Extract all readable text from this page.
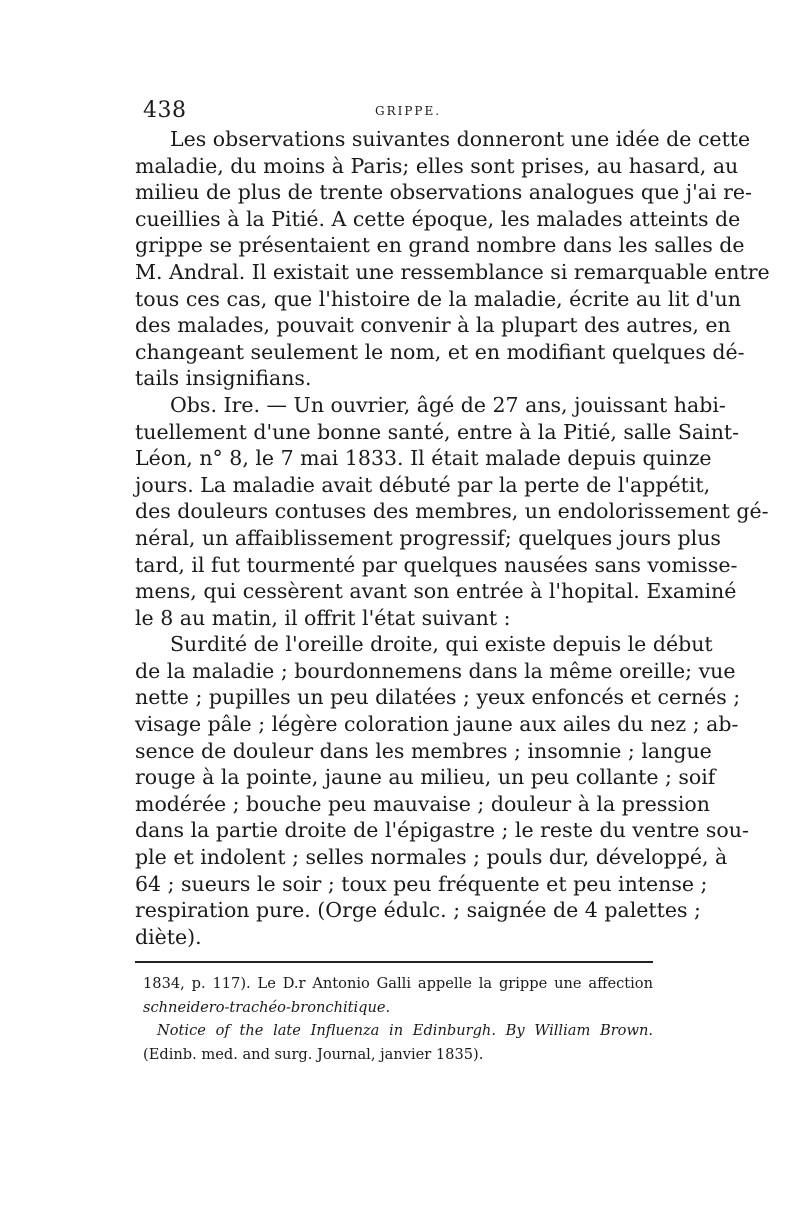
438	GRIPPE.
Les observations suivantes donneront une idée de cette
maladie, du moins à Paris; elles sont prises, au hasard, au
milieu de plus de trente observations analogues que j'ai re-
cueillies à la Pitié. A cette époque, les malades atteints de
grippe se présentaient en grand nombre dans les salles de
M. Andral. Il existait une ressemblance si remarquable entre
tous ces cas, que l'histoire de la maladie, écrite au lit d'un
des malades, pouvait convenir à la plupart des autres, en
changeant seulement le nom, et en modifiant quelques dé-
tails insignifians.
Obs. Ire. — Un ouvrier, âgé de 27 ans, jouissant habi-
tuellement d'une bonne santé, entre à la Pitié, salle Saint-
Léon, n° 8, le 7 mai 1833. Il était malade depuis quinze
jours. La maladie avait débuté par la perte de l'appétit,
des douleurs contuses des membres, un endolorissement gé-
néral, un affaiblissement progressif; quelques jours plus
tard, il fut tourmenté par quelques nausées sans vomisse-
mens, qui cessèrent avant son entrée à l'hopital. Examiné
le 8 au matin, il offrit l'état suivant :
Surdité de l'oreille droite, qui existe depuis le début
de la maladie ; bourdonnemens dans la même oreille; vue
nette ; pupilles un peu dilatées ; yeux enfoncés et cernés ;
visage pâle ; légère coloration jaune aux ailes du nez ; ab-
sence de douleur dans les membres ; insomnie ; langue
rouge à la pointe, jaune au milieu, un peu collante ; soif
modérée ; bouche peu mauvaise ; douleur à la pression
dans la partie droite de l'épigastre ; le reste du ventre sou-
ple et indolent ; selles normales ; pouls dur, développé, à
64 ; sueurs le soir ; toux peu fréquente et peu intense ;
respiration pure. (Orge édulc. ; saignée de 4 palettes ;
diète).
1834, p. 117). Le D.r Antonio Galli appelle la grippe une affection
schneidero-trachéo-bronchitique.
Notice of the late Influenza in Edinburgh. By William Brown.
(Edinb. med. and surg. Journal, janvier 1835).
